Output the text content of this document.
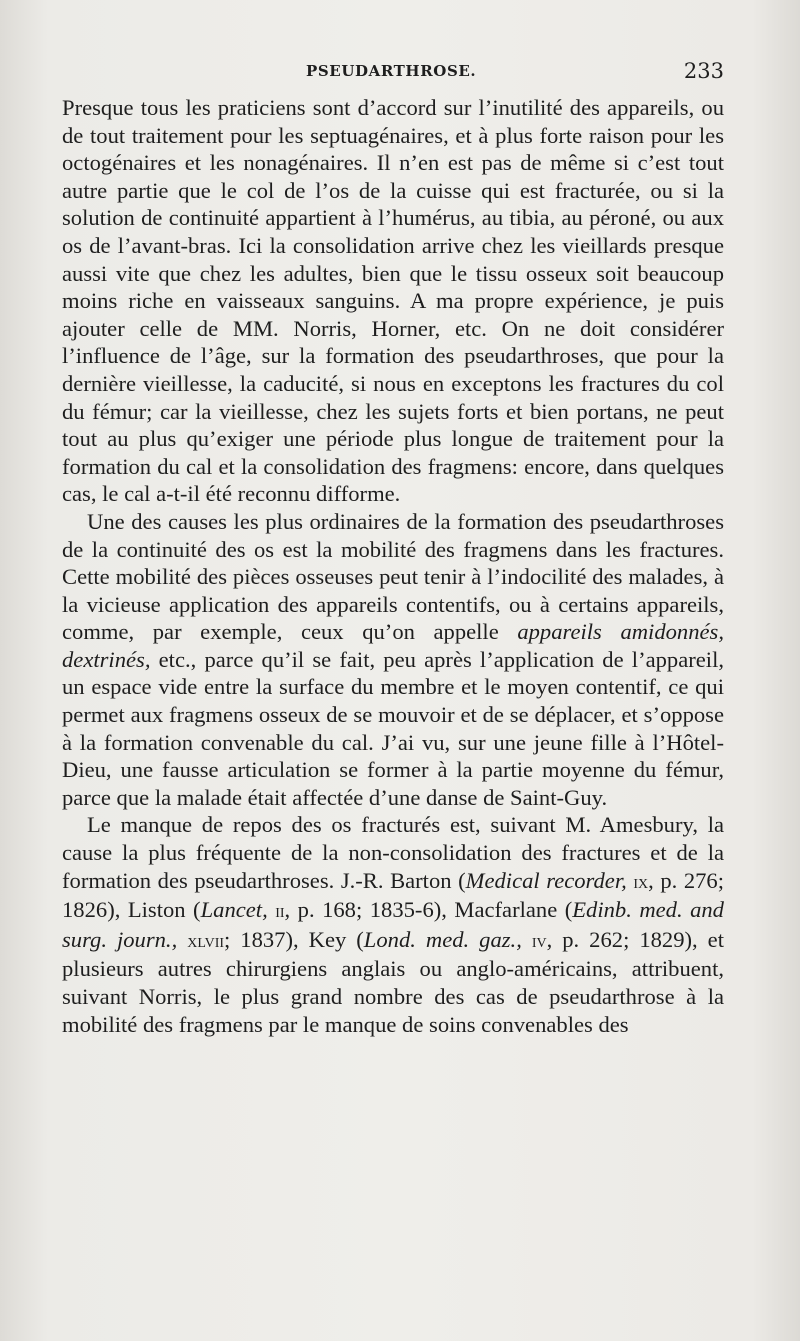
PSEUDARTHROSE.	233

Presque tous les praticiens sont d’accord sur l’inutilité des appareils, ou de tout traitement pour les septuagénaires, et à plus forte raison pour les octogénaires et les nonagénaires. Il n’en est pas de même si c’est tout autre partie que le col de l’os de la cuisse qui est fracturée, ou si la solution de continuité appartient à l’humérus, au tibia, au péroné, ou aux os de l’avant-bras. Ici la consolidation arrive chez les vieillards presque aussi vite que chez les adultes, bien que le tissu osseux soit beaucoup moins riche en vaisseaux sanguins. A ma propre expérience, je puis ajouter celle de MM. Norris, Horner, etc. On ne doit considérer l’influence de l’âge, sur la formation des pseudarthroses, que pour la dernière vieillesse, la caducité, si nous en exceptons les fractures du col du fémur; car la vieillesse, chez les sujets forts et bien portans, ne peut tout au plus qu’exiger une période plus longue de traitement pour la formation du cal et la consolidation des fragmens: encore, dans quelques cas, le cal a-t-il été reconnu difforme.

Une des causes les plus ordinaires de la formation des pseudarthroses de la continuité des os est la mobilité des fragmens dans les fractures. Cette mobilité des pièces osseuses peut tenir à l’indocilité des malades, à la vicieuse application des appareils contentifs, ou à certains appareils, comme, par exemple, ceux qu’on appelle appareils amidonnés, dextrinés, etc., parce qu’il se fait, peu après l’application de l’appareil, un espace vide entre la surface du membre et le moyen contentif, ce qui permet aux fragmens osseux de se mouvoir et de se déplacer, et s’oppose à la formation convenable du cal. J’ai vu, sur une jeune fille à l’Hôtel-Dieu, une fausse articulation se former à la partie moyenne du fémur, parce que la malade était affectée d’une danse de Saint-Guy.

Le manque de repos des os fracturés est, suivant M. Amesbury, la cause la plus fréquente de la non-consolidation des fractures et de la formation des pseudarthroses. J.-R. Barton (Medical recorder, ix, p. 276; 1826), Liston (Lancet, ii, p. 168; 1835-6), Macfarlane (Edinb. med. and surg. journ., xlvii; 1837), Key (Lond. med. gaz., iv, p. 262; 1829), et plusieurs autres chirurgiens anglais ou anglo-américains, attribuent, suivant Norris, le plus grand nombre des cas de pseudarthrose à la mobilité des fragmens par le manque de soins convenables des
